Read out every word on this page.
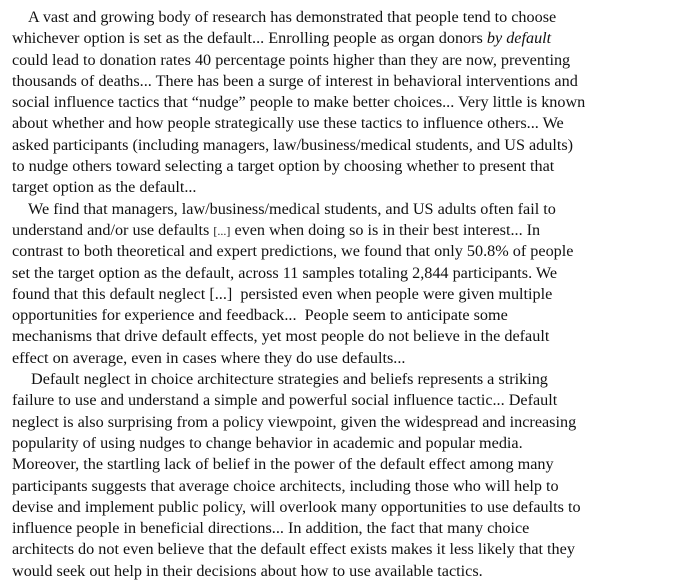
A vast and growing body of research has demonstrated that people tend to choose
whichever option is set as the default... Enrolling people as organ donors by default
could lead to donation rates 40 percentage points higher than they are now, preventing
thousands of deaths... There has been a surge of interest in behavioral interventions and
social influence tactics that “nudge” people to make better choices... Very little is known
about whether and how people strategically use these tactics to influence others... We
asked participants (including managers, law/business/medical students, and US adults)
to nudge others toward selecting a target option by choosing whether to present that
target option as the default...
We find that managers, law/business/medical students, and US adults often fail to
understand and/or use defaults [...] even when doing so is in their best interest... In
contrast to both theoretical and expert predictions, we found that only 50.8% of people
set the target option as the default, across 11 samples totaling 2,844 participants. We
found that this default neglect [...]  persisted even when people were given multiple
opportunities for experience and feedback...  People seem to anticipate some
mechanisms that drive default effects, yet most people do not believe in the default
effect on average, even in cases where they do use defaults...
Default neglect in choice architecture strategies and beliefs represents a striking
failure to use and understand a simple and powerful social influence tactic... Default
neglect is also surprising from a policy viewpoint, given the widespread and increasing
popularity of using nudges to change behavior in academic and popular media.
Moreover, the startling lack of belief in the power of the default effect among many
participants suggests that average choice architects, including those who will help to
devise and implement public policy, will overlook many opportunities to use defaults to
influence people in beneficial directions... In addition, the fact that many choice
architects do not even believe that the default effect exists makes it less likely that they
would seek out help in their decisions about how to use available tactics.
